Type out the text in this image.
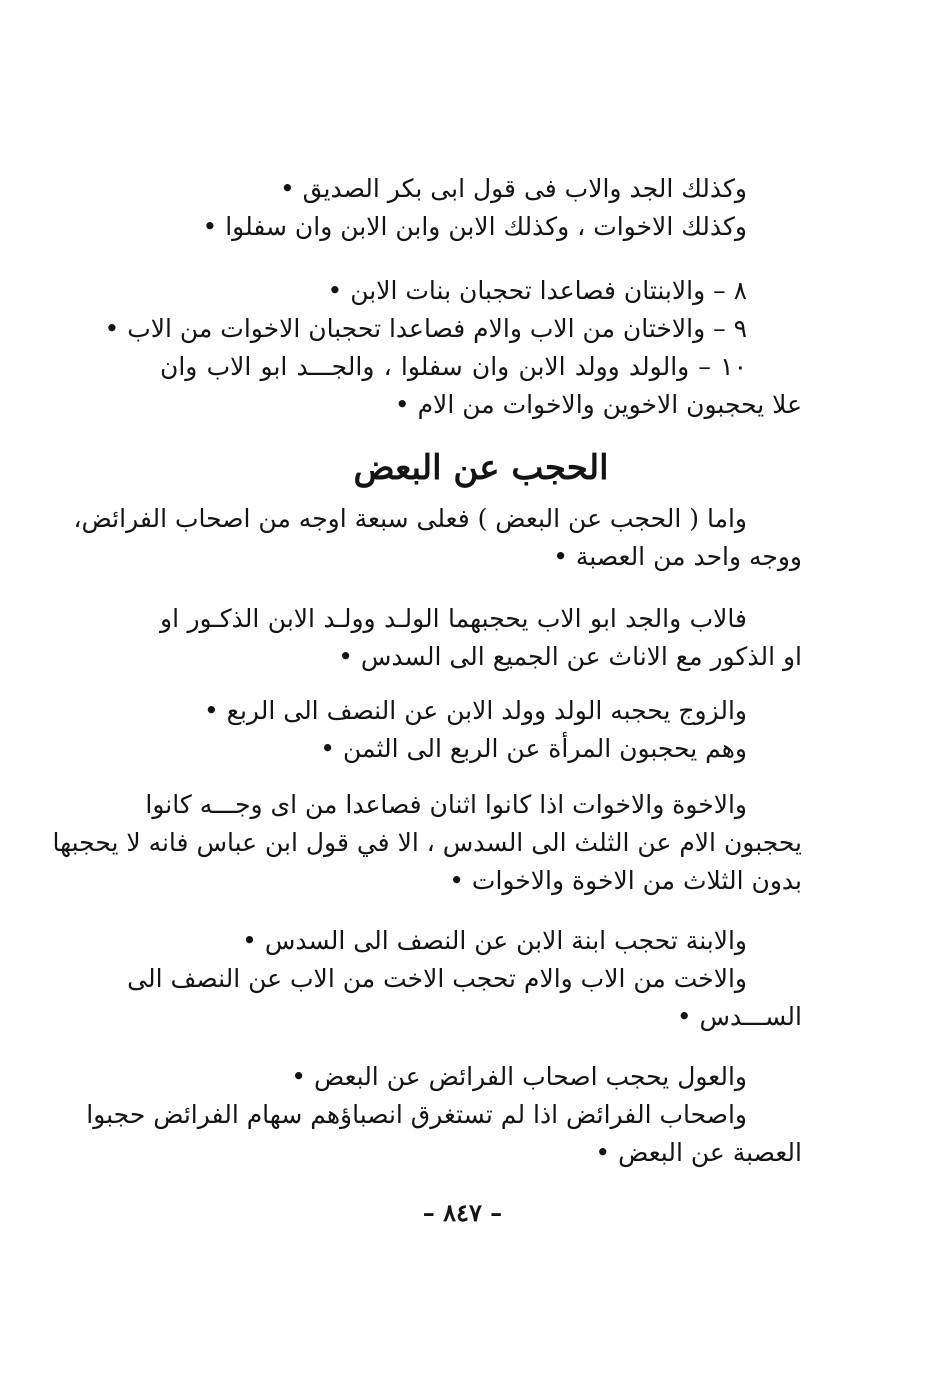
وكذلك الجد والاب فى قول ابى بكر الصديق •
وكذلك الاخوات ، وكذلك الابن وابن الابن وان سفلوا •
٨ – والابنتان فصاعدا تحجبان بنات الابن •
٩ – والاختان من الاب والام فصاعدا تحجبان الاخوات من الاب •
١٠ – والولد وولد الابن وان سفلوا ، والجـــد ابو الاب وان
علا يحجبون الاخوين والاخوات من الام •
الحجب عن البعض
واما ( الحجب عن البعض ) فعلى سبعة اوجه من اصحاب الفرائض،
ووجه واحد من العصبة •
فالاب والجد ابو الاب يحجبهما الولـد وولـد الابن الذكـور او
او الذكور مع الاناث عن الجميع الى السدس •
والزوج يحجبه الولد وولد الابن عن النصف الى الربع •
وهم يحجبون المرأة عن الربع الى الثمن •
والاخوة والاخوات اذا كانوا اثنان فصاعدا من اى وجـــه كانوا
يحجبون الام عن الثلث الى السدس ، الا في قول ابن عباس فانه لا يحجبها
بدون الثلاث من الاخوة والاخوات •
والابنة تحجب ابنة الابن عن النصف الى السدس •
والاخت من الاب والام تحجب الاخت من الاب عن النصف الى
الســـدس •
والعول يحجب اصحاب الفرائض عن البعض •
واصحاب الفرائض اذا لم تستغرق انصباؤهم سهام الفرائض حجبوا
العصبة عن البعض •
– ٨٤٧ –
